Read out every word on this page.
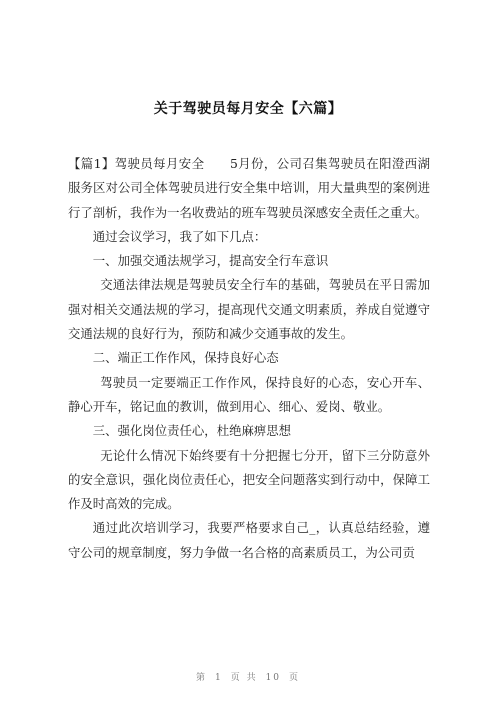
关于驾驶员每月安全【六篇】

【篇1】驾驶员每月安全　　5月份，公司召集驾驶员在阳澄西湖服务区对公司全体驾驶员进行安全集中培训，用大量典型的案例进行了剖析，我作为一名收费站的班车驾驶员深感安全责任之重大。

通过会议学习，我了如下几点：

一、加强交通法规学习，提高安全行车意识

交通法律法规是驾驶员安全行车的基础，驾驶员在平日需加强对相关交通法规的学习，提高现代交通文明素质，养成自觉遵守交通法规的良好行为，预防和减少交通事故的发生。

二、端正工作作风，保持良好心态

驾驶员一定要端正工作作风，保持良好的心态，安心开车、静心开车，铭记血的教训，做到用心、细心、爱岗、敬业。

三、强化岗位责任心，杜绝麻痹思想

无论什么情况下始终要有十分把握七分开，留下三分防意外的安全意识，强化岗位责任心，把安全问题落实到行动中，保障工作及时高效的完成。

通过此次培训学习，我要严格要求自己_，认真总结经验，遵守公司的规章制度，努力争做一名合格的高素质员工，为公司贡

第 1 页 共 10 页
